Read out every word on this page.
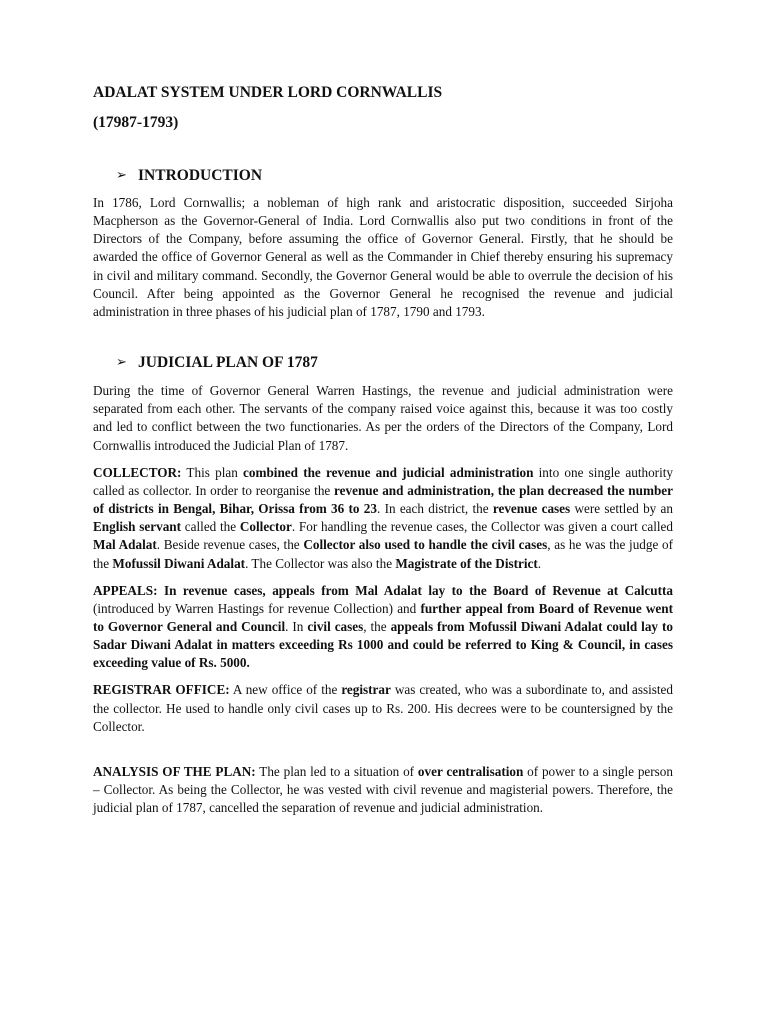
ADALAT SYSTEM UNDER LORD CORNWALLIS
(17987-1793)
➢ INTRODUCTION

In 1786, Lord Cornwallis; a nobleman of high rank and aristocratic disposition, succeeded Sirjoha Macpherson as the Governor-General of India. Lord Cornwallis also put two conditions in front of the Directors of the Company, before assuming the office of Governor General. Firstly, that he should be awarded the office of Governor General as well as the Commander in Chief thereby ensuring his supremacy in civil and military command. Secondly, the Governor General would be able to overrule the decision of his Council. After being appointed as the Governor General he recognised the revenue and judicial administration in three phases of his judicial plan of 1787, 1790 and 1793.

➢ JUDICIAL PLAN OF 1787

During the time of Governor General Warren Hastings, the revenue and judicial administration were separated from each other. The servants of the company raised voice against this, because it was too costly and led to conflict between the two functionaries. As per the orders of the Directors of the Company, Lord Cornwallis introduced the Judicial Plan of 1787.

COLLECTOR: This plan combined the revenue and judicial administration into one single authority called as collector. In order to reorganise the revenue and administration, the plan decreased the number of districts in Bengal, Bihar, Orissa from 36 to 23. In each district, the revenue cases were settled by an English servant called the Collector. For handling the revenue cases, the Collector was given a court called Mal Adalat. Beside revenue cases, the Collector also used to handle the civil cases, as he was the judge of the Mofussil Diwani Adalat. The Collector was also the Magistrate of the District.

APPEALS: In revenue cases, appeals from Mal Adalat lay to the Board of Revenue at Calcutta (introduced by Warren Hastings for revenue Collection) and further appeal from Board of Revenue went to Governor General and Council. In civil cases, the appeals from Mofussil Diwani Adalat could lay to Sadar Diwani Adalat in matters exceeding Rs 1000 and could be referred to King & Council, in cases exceeding value of Rs. 5000.

REGISTRAR OFFICE: A new office of the registrar was created, who was a subordinate to, and assisted the collector. He used to handle only civil cases up to Rs. 200. His decrees were to be countersigned by the Collector.

ANALYSIS OF THE PLAN: The plan led to a situation of over centralisation of power to a single person – Collector. As being the Collector, he was vested with civil revenue and magisterial powers. Therefore, the judicial plan of 1787, cancelled the separation of revenue and judicial administration.
